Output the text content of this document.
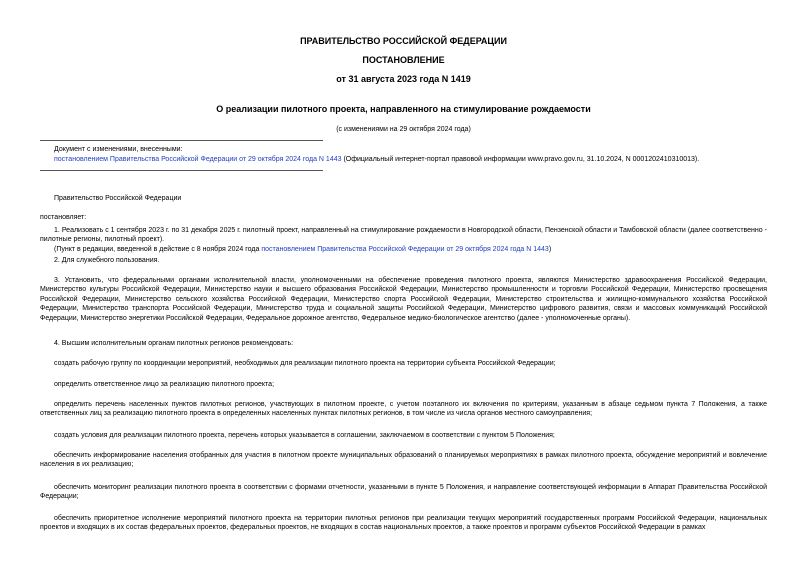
ПРАВИТЕЛЬСТВО РОССИЙСКОЙ ФЕДЕРАЦИИ
ПОСТАНОВЛЕНИЕ
от 31 августа 2023 года N 1419
О реализации пилотного проекта, направленного на стимулирование рождаемости
(с изменениями на 29 октября 2024 года)
Документ с изменениями, внесенными:
постановлением Правительства Российской Федерации от 29 октября 2024 года N 1443 (Официальный интернет-портал правовой информации www.pravo.gov.ru, 31.10.2024, N 0001202410310013).
Правительство Российской Федерации
постановляет:
1. Реализовать с 1 сентября 2023 г. по 31 декабря 2025 г. пилотный проект, направленный на стимулирование рождаемости в Новгородской области, Пензенской области и Тамбовской области (далее соответственно - пилотные регионы, пилотный проект).
(Пункт в редакции, введенной в действие с 8 ноября 2024 года постановлением Правительства Российской Федерации от 29 октября 2024 года N 1443)
2. Для служебного пользования.
3. Установить, что федеральными органами исполнительной власти, уполномоченными на обеспечение проведения пилотного проекта, являются Министерство здравоохранения Российской Федерации, Министерство культуры Российской Федерации, Министерство науки и высшего образования Российской Федерации, Министерство промышленности и торговли Российской Федерации, Министерство просвещения Российской Федерации, Министерство сельского хозяйства Российской Федерации, Министерство спорта Российской Федерации, Министерство строительства и жилищно-коммунального хозяйства Российской Федерации, Министерство транспорта Российской Федерации, Министерство труда и социальной защиты Российской Федерации, Министерство цифрового развития, связи и массовых коммуникаций Российской Федерации, Министерство энергетики Российской Федерации, Федеральное дорожное агентство, Федеральное медико-биологическое агентство (далее - уполномоченные органы).
4. Высшим исполнительным органам пилотных регионов рекомендовать:
создать рабочую группу по координации мероприятий, необходимых для реализации пилотного проекта на территории субъекта Российской Федерации;
определить ответственное лицо за реализацию пилотного проекта;
определить перечень населенных пунктов пилотных регионов, участвующих в пилотном проекте, с учетом поэтапного их включения по критериям, указанным в абзаце седьмом пункта 7 Положения, а также ответственных лиц за реализацию пилотного проекта в определенных населенных пунктах пилотных регионов, в том числе из числа органов местного самоуправления;
создать условия для реализации пилотного проекта, перечень которых указывается в соглашении, заключаемом в соответствии с пунктом 5 Положения;
обеспечить информирование населения отобранных для участия в пилотном проекте муниципальных образований о планируемых мероприятиях в рамках пилотного проекта, обсуждение мероприятий и вовлечение населения в их реализацию;
обеспечить мониторинг реализации пилотного проекта в соответствии с формами отчетности, указанными в пункте 5 Положения, и направление соответствующей информации в Аппарат Правительства Российской Федерации;
обеспечить приоритетное исполнение мероприятий пилотного проекта на территории пилотных регионов при реализации текущих мероприятий государственных программ Российской Федерации, национальных проектов и входящих в их состав федеральных проектов, федеральных проектов, не входящих в состав национальных проектов, а также проектов и программ субъектов Российской Федерации в рамках
